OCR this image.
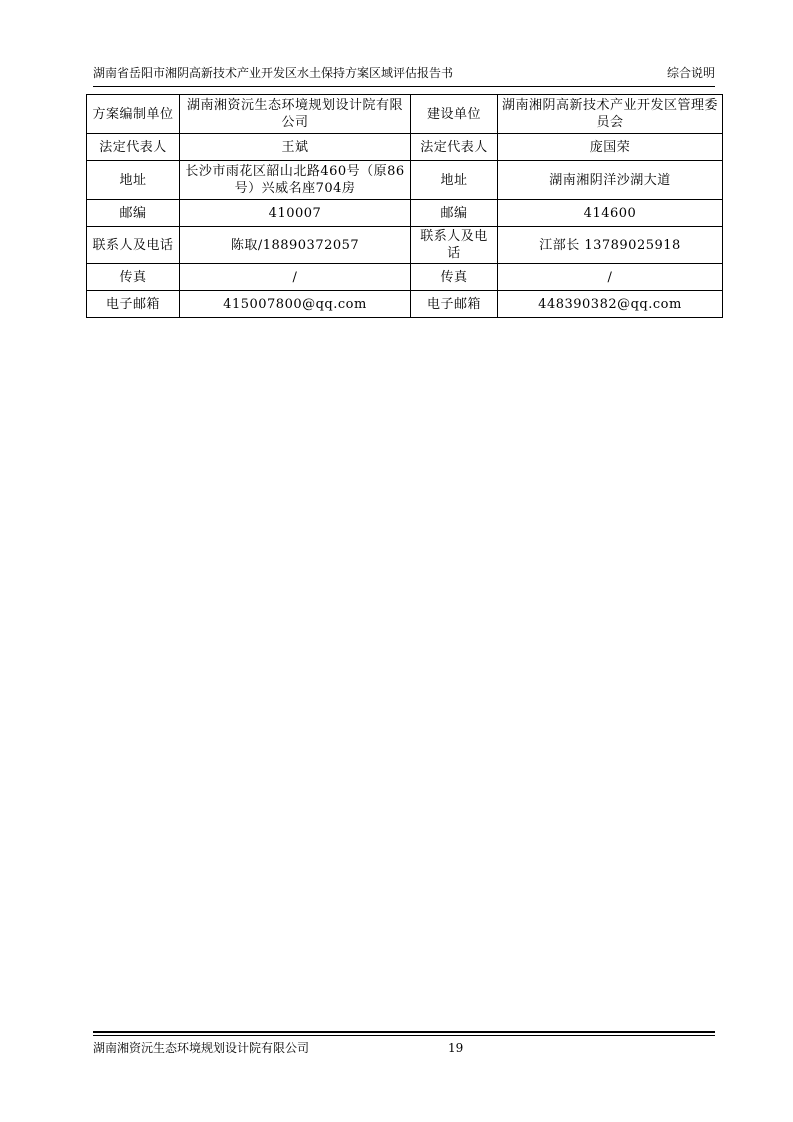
湖南省岳阳市湘阴高新技术产业开发区水土保持方案区域评估报告书	综合说明
方案编制单位	湖南湘资沅生态环境规划设计院有限公司	建设单位	湖南湘阴高新技术产业开发区管理委员会
法定代表人	王斌	法定代表人	庞国荣
地址	长沙市雨花区韶山北路460号（原86号）兴威名座704房	地址	湖南湘阴洋沙湖大道
邮编	410007	邮编	414600
联系人及电话	陈取/18890372057	联系人及电话	江部长 13789025918
传真	/	传真	/
电子邮箱	415007800@qq.com	电子邮箱	448390382@qq.com
湖南湘资沅生态环境规划设计院有限公司	19
